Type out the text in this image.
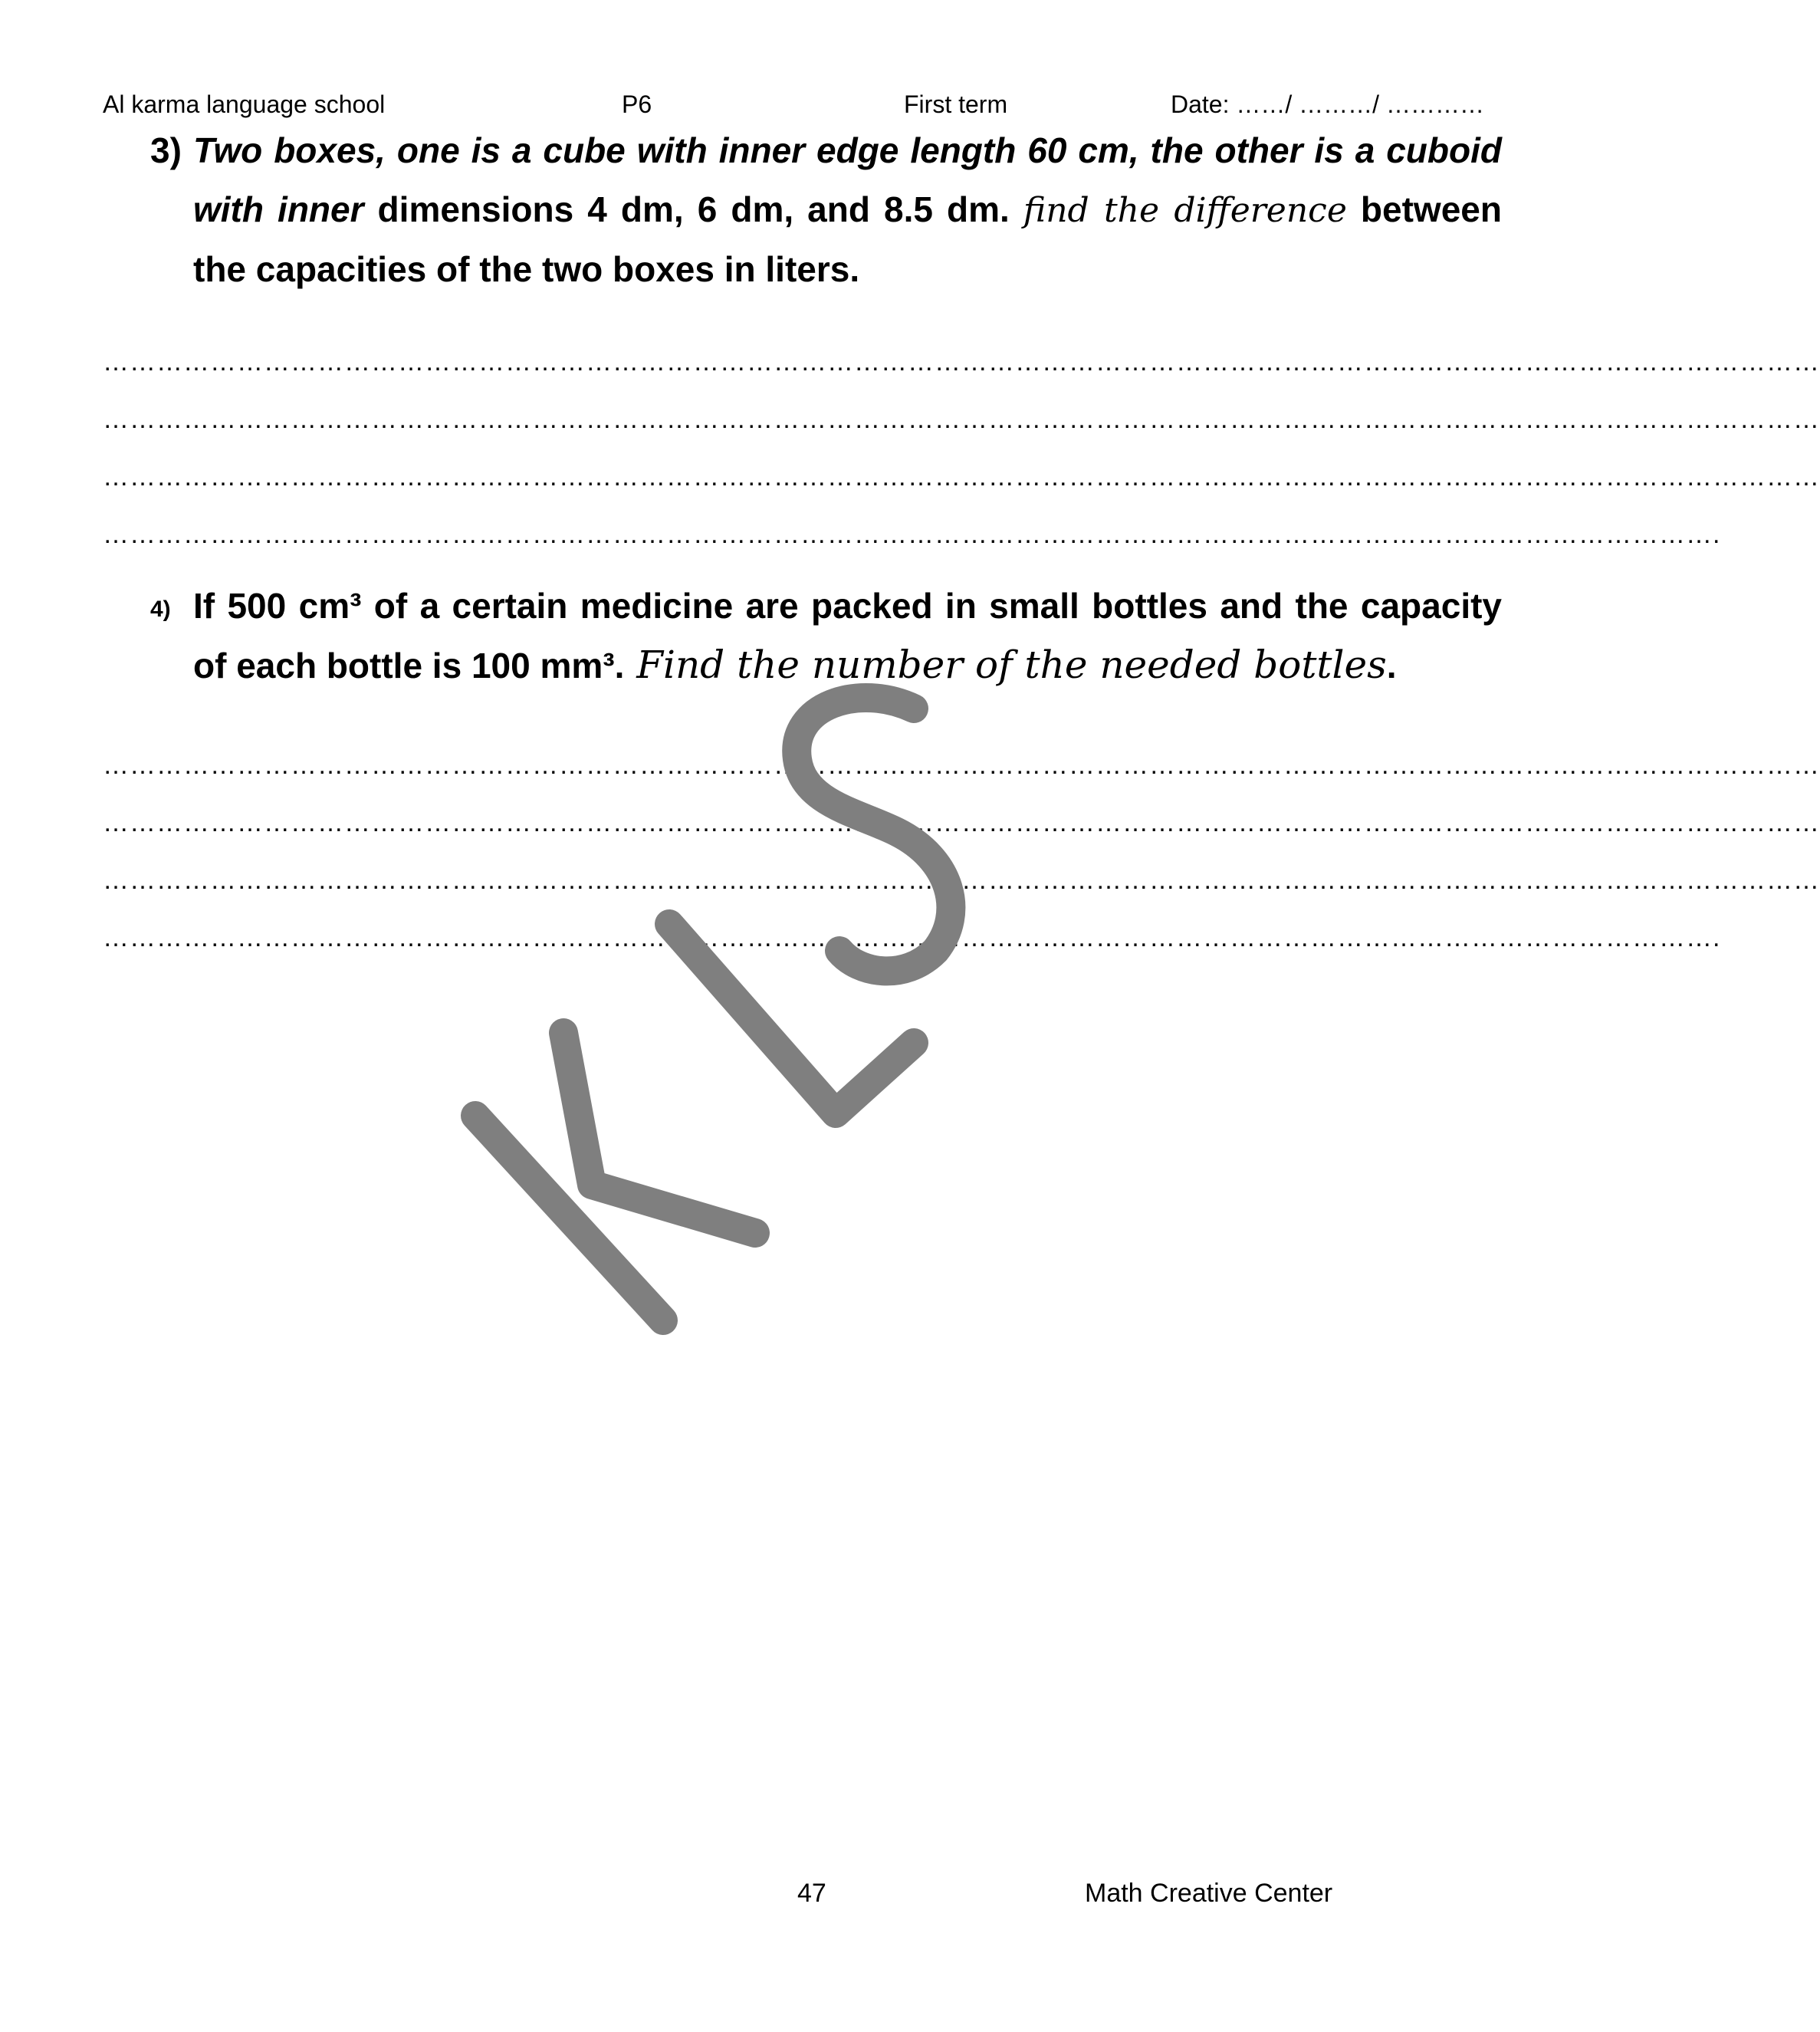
Al karma language school	P6	First term	Date: ……/ ………/ …………
3) Two boxes, one is a cube with inner edge length 60 cm, the other is a cuboid with inner dimensions 4 dm, 6 dm, and 8.5 dm. find the difference between the capacities of the two boxes in liters.
…………………………………………………………………………………………………………………………………………………………………………
…………………………………………………………………………………………………………………………………………………………………………
…………………………………………………………………………………………………………………………………………………………………………
……………………………………………………………………………………………………………………………………………………………….
4) If 500 cm³ of a certain medicine are packed in small bottles and the capacity of each bottle is 100 mm³. Find the number of the needed bottles.
…………………………………………………………………………………………………………………………………………………………………………
…………………………………………………………………………………………………………………………………………………………………………
…………………………………………………………………………………………………………………………………………………………………………
……………………………………………………………………………………………………………………………………………………………….
47	Math Creative Center
